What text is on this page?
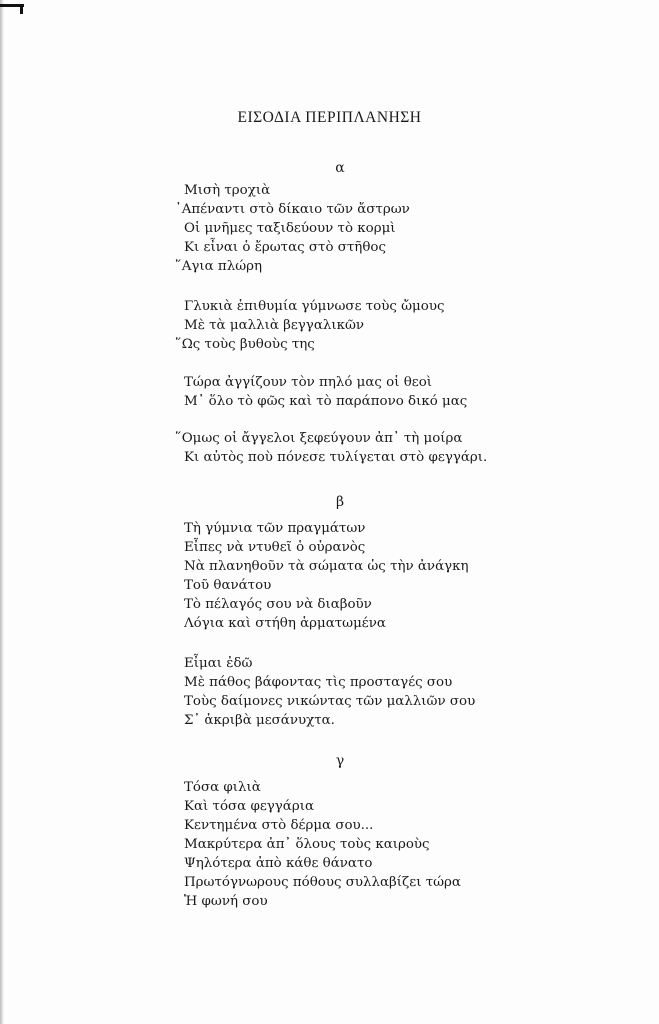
ΕΙΣΟΔΙΑ ΠΕΡΙΠΛΑΝΗΣΗ
α
Μισὴ τροχιὰ
᾿Απέναντι στὸ δίκαιο τῶν ἄστρων
Οἱ μνῆμες ταξιδεύουν τὸ κορμὶ
Κι εἶναι ὁ ἔρωτας στὸ στῆθος
῞Αγια πλώρη
Γλυκιὰ ἐπιθυμία γύμνωσε τοὺς ὤμους
Μὲ τὰ μαλλιὰ βεγγαλικῶν
῞Ως τοὺς βυθοὺς της
Τώρα ἀγγίζουν τὸν πηλό μας οἱ θεοὶ
Μ᾿ ὅλο τὸ φῶς καὶ τὸ παράπονο δικό μας
῞Ομως οἱ ἄγγελοι ξεφεύγουν ἀπ᾿ τὴ μοίρα
Κι αὐτὸς ποὺ πόνεσε τυλίγεται στὸ φεγγάρι.
β
Τὴ γύμνια τῶν πραγμάτων
Εἶπες νὰ ντυθεῖ ὁ οὐρανὸς
Νὰ πλανηθοῦν τὰ σώματα ὡς τὴν ἀνάγκη
Τοῦ θανάτου
Τὸ πέλαγός σου νὰ διαβοῦν
Λόγια καὶ στήθη ἁρματωμένα
Εἶμαι ἐδῶ
Μὲ πάθος βάφοντας τὶς προσταγές σου
Τοὺς δαίμονες νικώντας τῶν μαλλιῶν σου
Σ᾿ ἀκριβὰ μεσάνυχτα.
γ
Τόσα φιλιὰ
Καὶ τόσα φεγγάρια
Κεντημένα στὸ δέρμα σου...
Μακρύτερα ἀπ᾿ ὅλους τοὺς καιροὺς
Ψηλότερα ἀπὸ κάθε θάνατο
Πρωτόγνωρους πόθους συλλαβίζει τώρα
Ἡ φωνή σου
